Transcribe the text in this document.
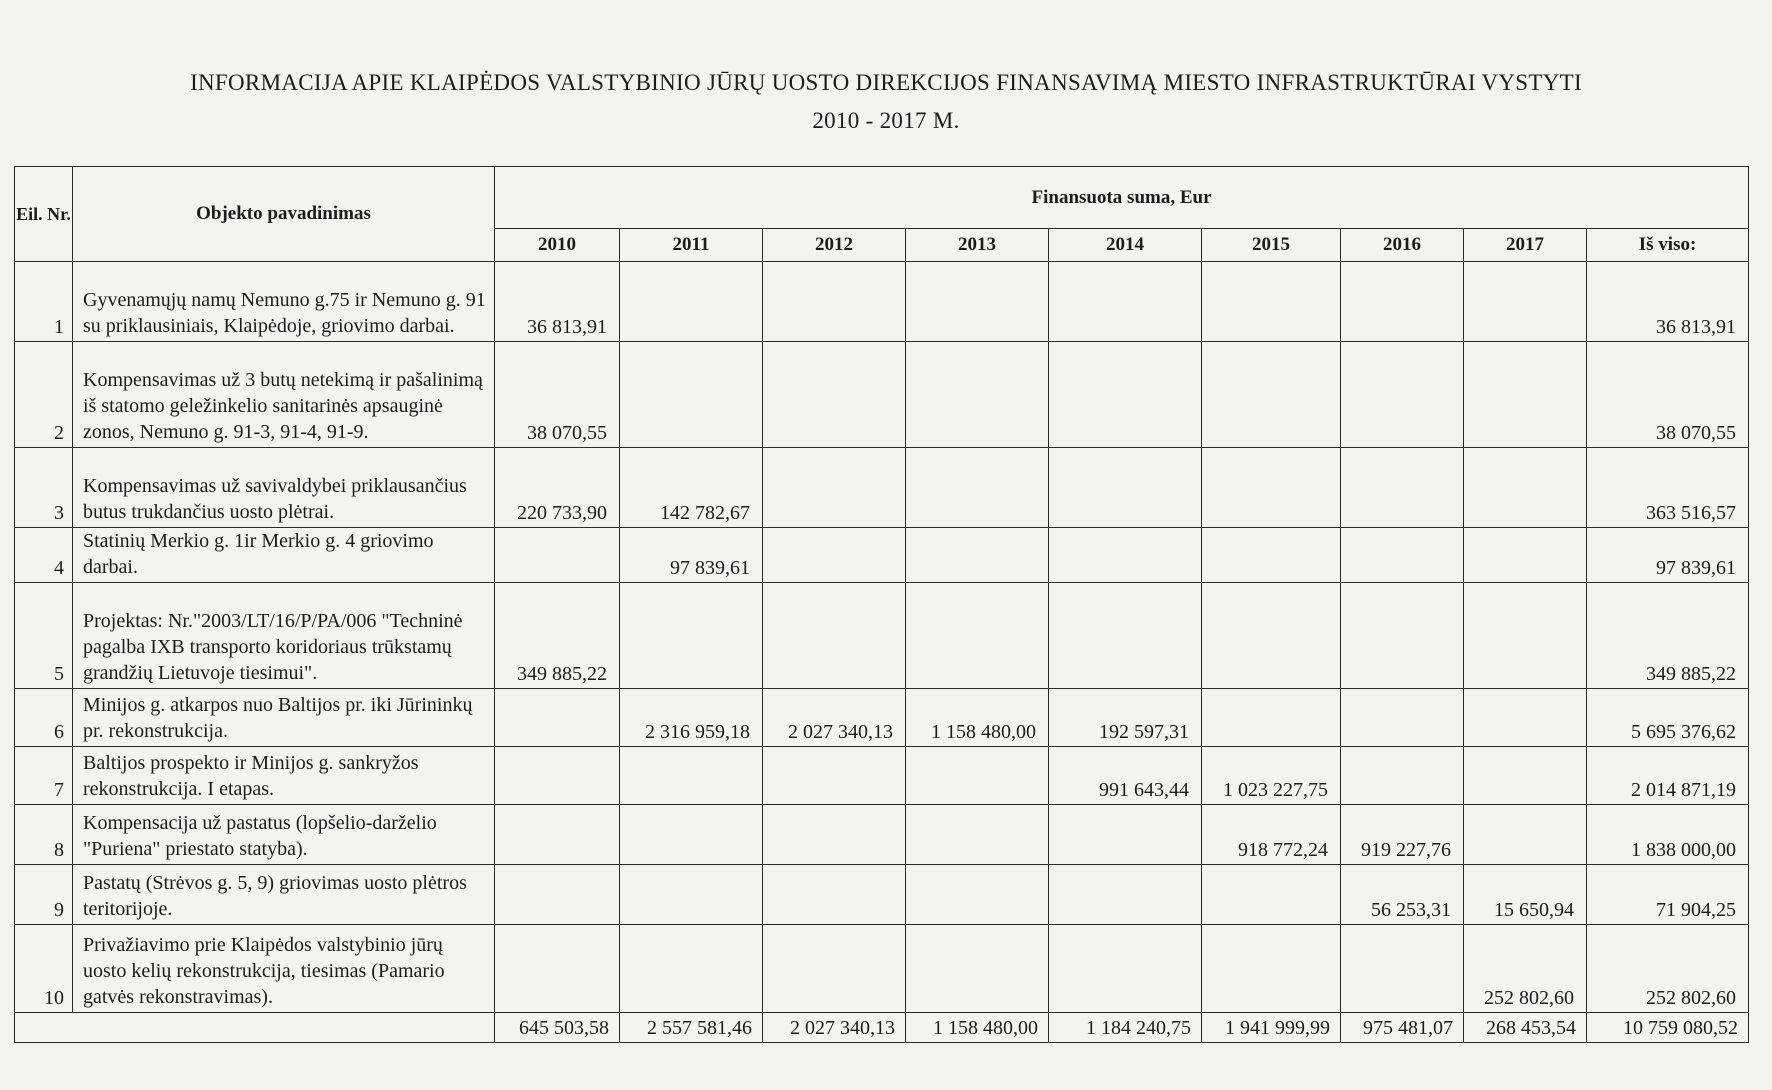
INFORMACIJA APIE KLAIPĖDOS VALSTYBINIO JŪRŲ UOSTO DIREKCIJOS FINANSAVIMĄ MIESTO INFRASTRUKTŪRAI VYSTYTI
2010 - 2017 M.
Eil. Nr.	Objekto pavadinimas	Finansuota suma, Eur								
		2010	2011	2012	2013	2014	2015	2016	2017	Iš viso:
1	Gyvenamųjų namų Nemuno g.75 ir Nemuno g. 91 su priklausiniais, Klaipėdoje, griovimo darbai.	36 813,91								36 813,91
2	Kompensavimas už 3 butų netekimą ir pašalinimą iš statomo geležinkelio sanitarinės apsauginė zonos, Nemuno g. 91-3, 91-4, 91-9.	38 070,55								38 070,55
3	Kompensavimas už savivaldybei priklausančius butus trukdančius uosto plėtrai.	220 733,90	142 782,67							363 516,57
4	Statinių Merkio g. 1ir Merkio g. 4 griovimo darbai.		97 839,61							97 839,61
5	Projektas: Nr."2003/LT/16/P/PA/006 "Techninė pagalba IXB transporto koridoriaus trūkstamų grandžių Lietuvoje tiesimui".	349 885,22								349 885,22
6	Minijos g. atkarpos nuo Baltijos pr. iki Jūrininkų pr. rekonstrukcija.		2 316 959,18	2 027 340,13	1 158 480,00	192 597,31				5 695 376,62
7	Baltijos prospekto ir Minijos g. sankryžos rekonstrukcija. I etapas.					991 643,44	1 023 227,75			2 014 871,19
8	Kompensacija už pastatus (lopšelio-darželio "Puriena" priestato statyba).						918 772,24	919 227,76		1 838 000,00
9	Pastatų (Strėvos g. 5, 9) griovimas uosto plėtros teritorijoje.							56 253,31	15 650,94	71 904,25
10	Privažiavimo prie Klaipėdos valstybinio jūrų uosto kelių rekonstrukcija, tiesimas (Pamario gatvės rekonstravimas).								252 802,60	252 802,60
		645 503,58	2 557 581,46	2 027 340,13	1 158 480,00	1 184 240,75	1 941 999,99	975 481,07	268 453,54	10 759 080,52
